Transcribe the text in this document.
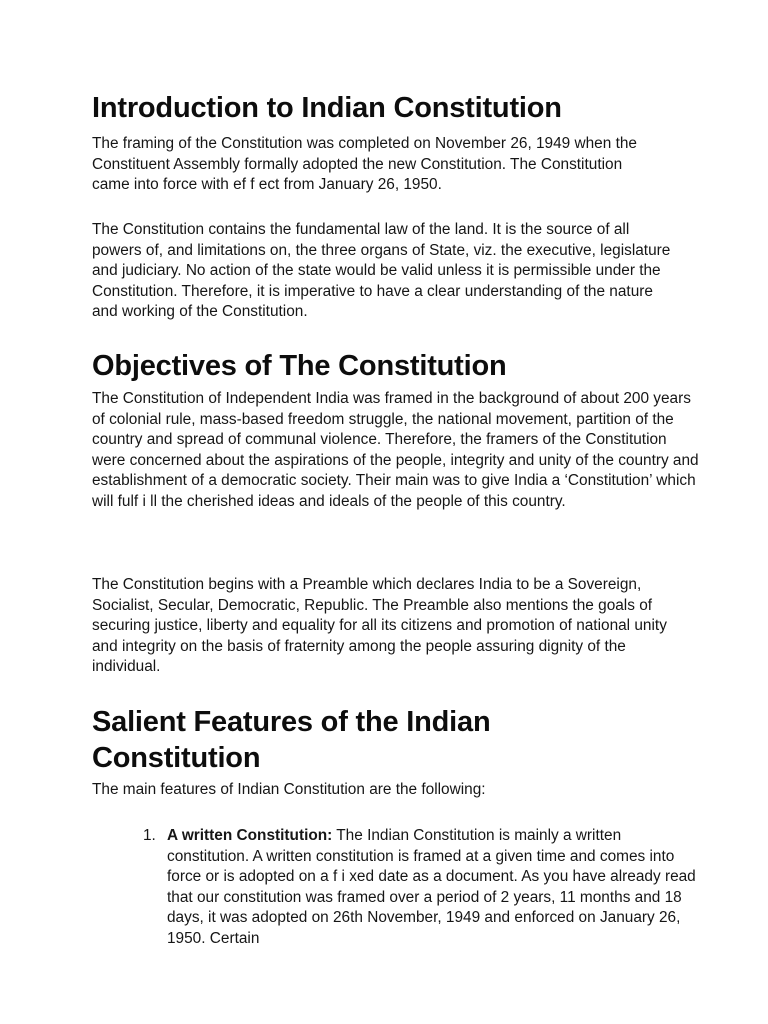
Introduction to Indian Constitution

The framing of the Constitution was completed on November 26, 1949 when the Constituent Assembly formally adopted the new Constitution. The Constitution came into force with ef f ect from January 26, 1950.

The Constitution contains the fundamental law of the land. It is the source of all powers of, and limitations on, the three organs of State, viz. the executive, legislature and judiciary. No action of the state would be valid unless it is permissible under the Constitution. Therefore, it is imperative to have a clear understanding of the nature and working of the Constitution.

Objectives of The Constitution

The Constitution of Independent India was framed in the background of about 200 years of colonial rule, mass-based freedom struggle, the national movement, partition of the country and spread of communal violence. Therefore, the framers of the Constitution were concerned about the aspirations of the people, integrity and unity of the country and establishment of a democratic society. Their main was to give India a ‘Constitution’ which will fulf i ll the cherished ideas and ideals of the people of this country.

The Constitution begins with a Preamble which declares India to be a Sovereign, Socialist, Secular, Democratic, Republic. The Preamble also mentions the goals of securing justice, liberty and equality for all its citizens and promotion of national unity and integrity on the basis of fraternity among the people assuring dignity of the individual.

Salient Features of the Indian
Constitution

The main features of Indian Constitution are the following:

1. A written Constitution: The Indian Constitution is mainly a written constitution. A written constitution is framed at a given time and comes into force or is adopted on a f i xed date as a document. As you have already read that our constitution was framed over a period of 2 years, 11 months and 18 days, it was adopted on 26th November, 1949 and enforced on January 26, 1950. Certain
